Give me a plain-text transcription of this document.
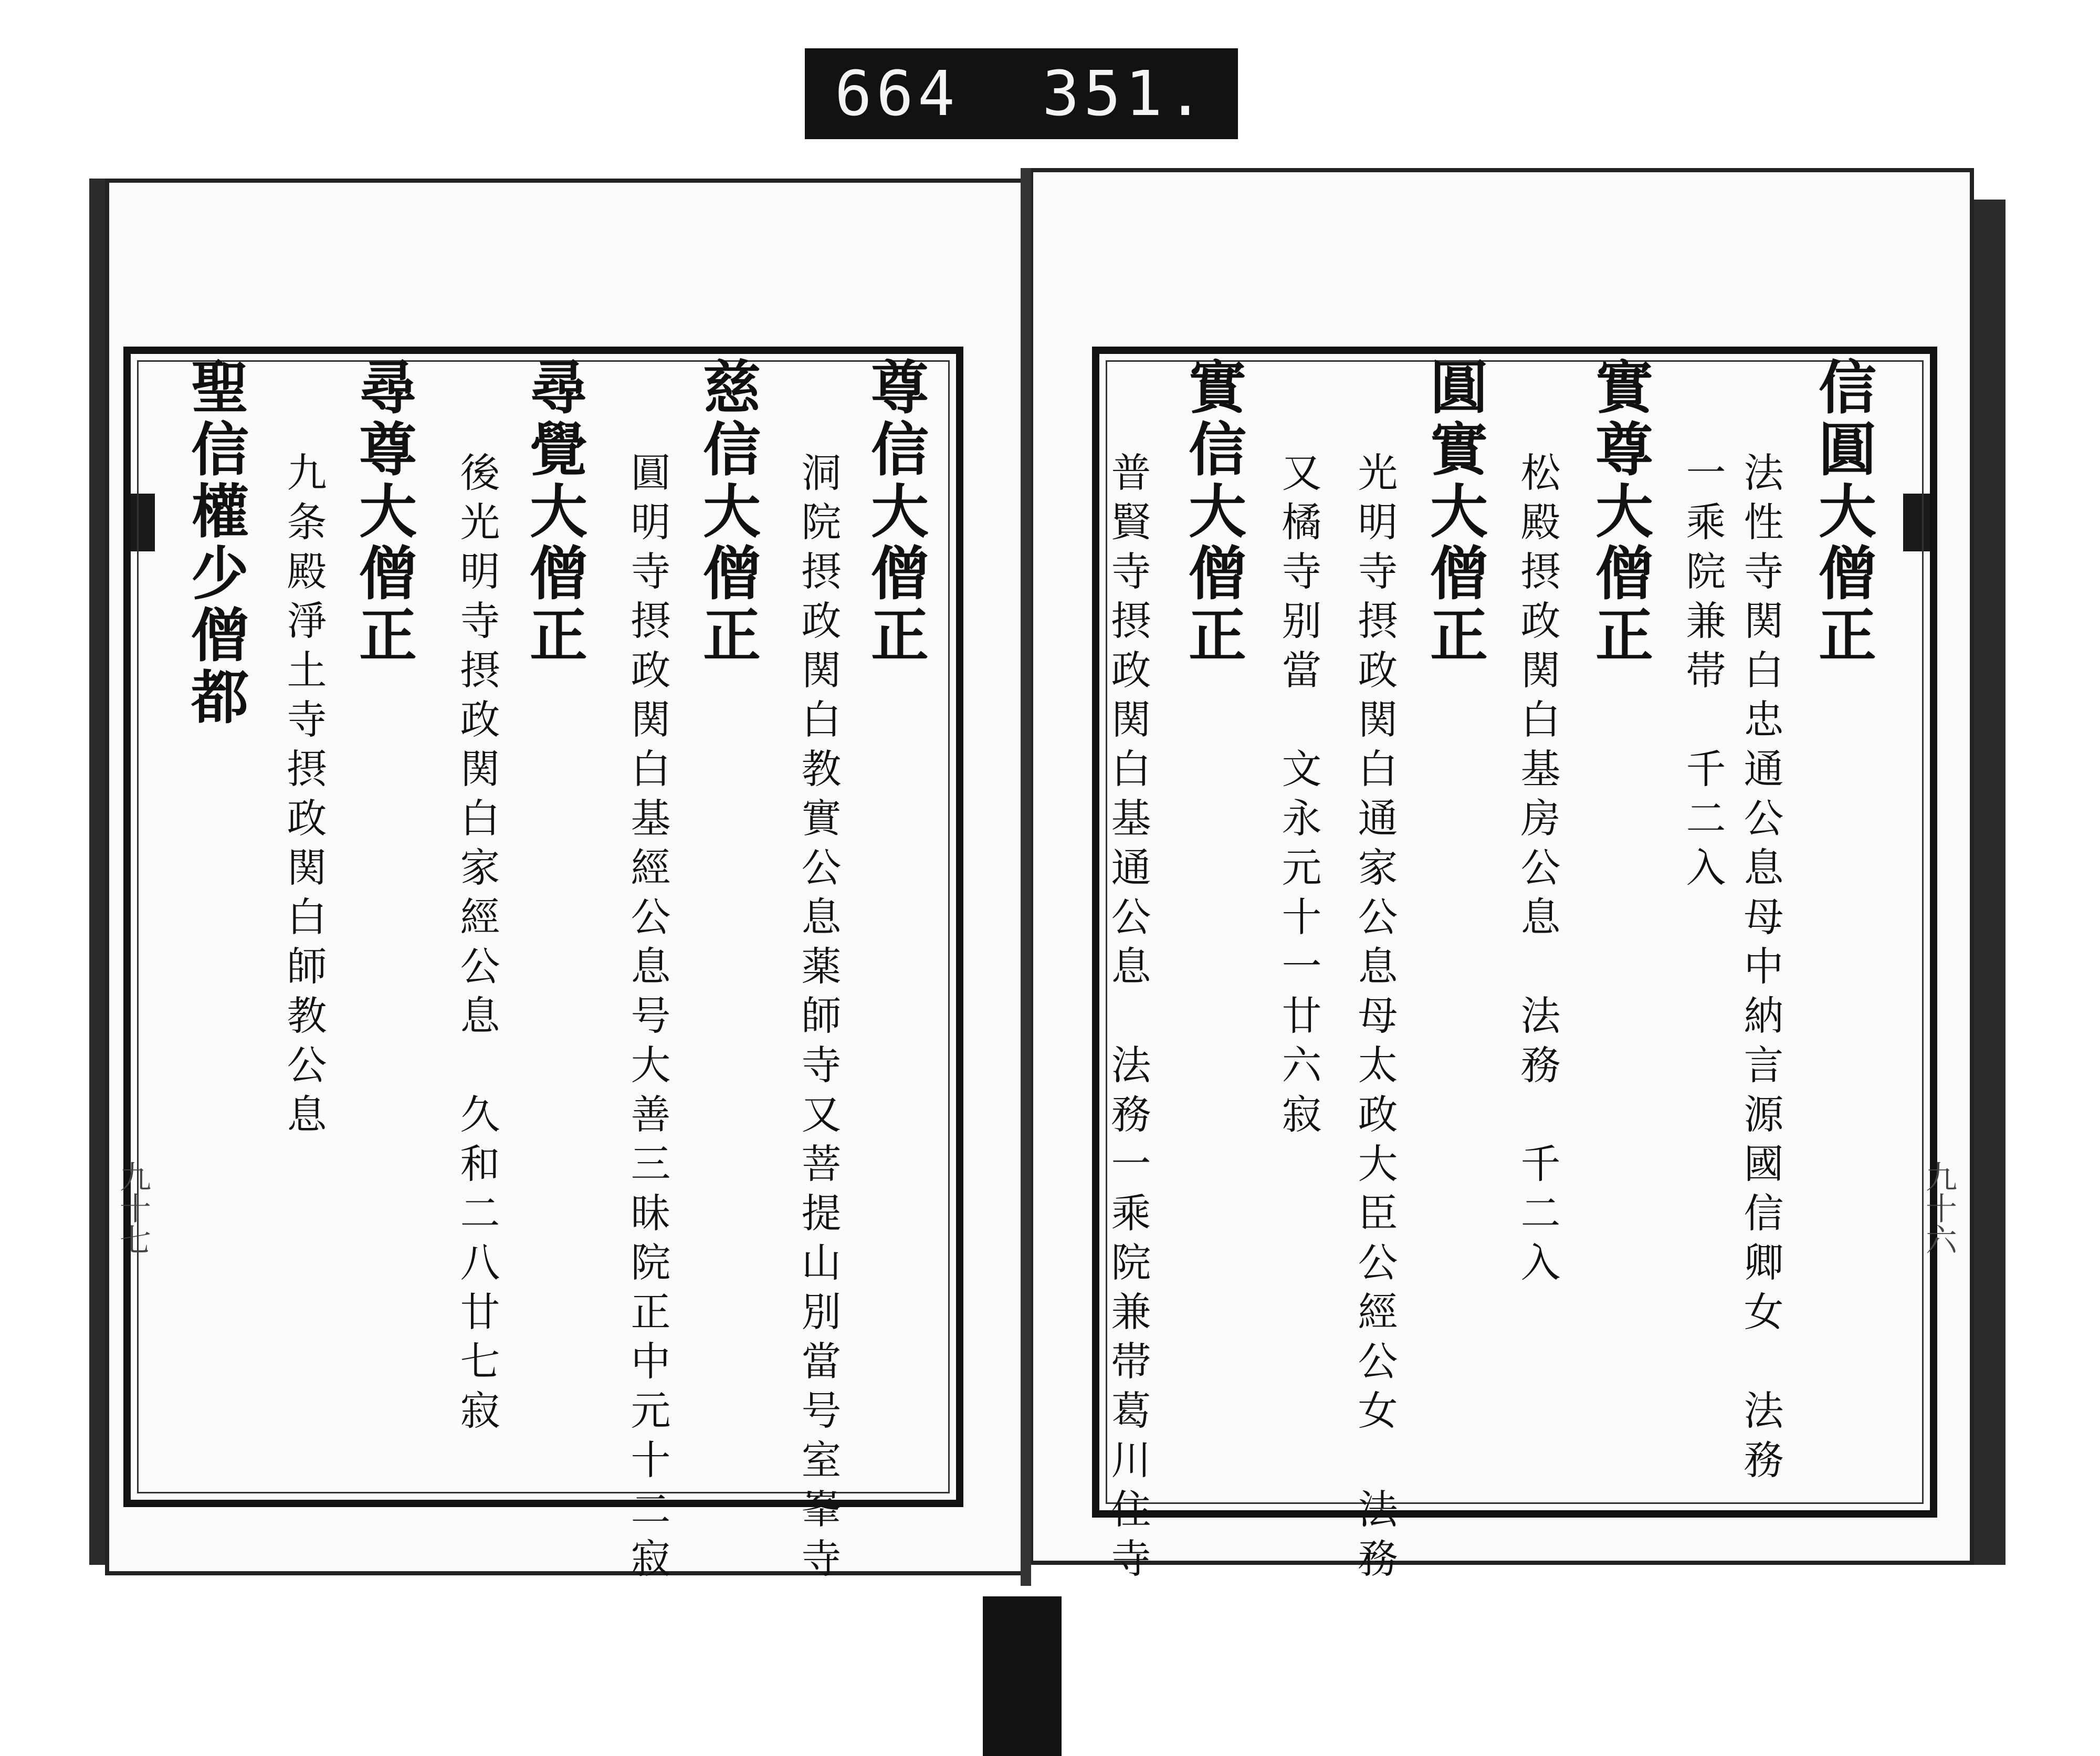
664  351.
九十七	九十六
尊信大僧正
洞院摂政関白教實公息薬師寺又菩提山別當号室峯寺
慈信大僧正
圓明寺摂政関白基經公息号大善三昧院正中元十二寂
尋覺大僧正
後光明寺摂政関白家經公息　久和二八廿七寂
尋尊大僧正
九条殿淨土寺摂政関白師教公息
聖信權少僧都	信圓大僧正
法性寺関白忠通公息母中納言源國信卿女　法務
一乘院兼帯　千二入
實尊大僧正
松殿摂政関白基房公息　法務　千二入
圓實大僧正
光明寺摂政関白通家公息母太政大臣公經公女　法務
又橘寺别當　文永元十一廿六寂
實信大僧正
普賢寺摂政関白基通公息　法務一乘院兼帯葛川住寺
